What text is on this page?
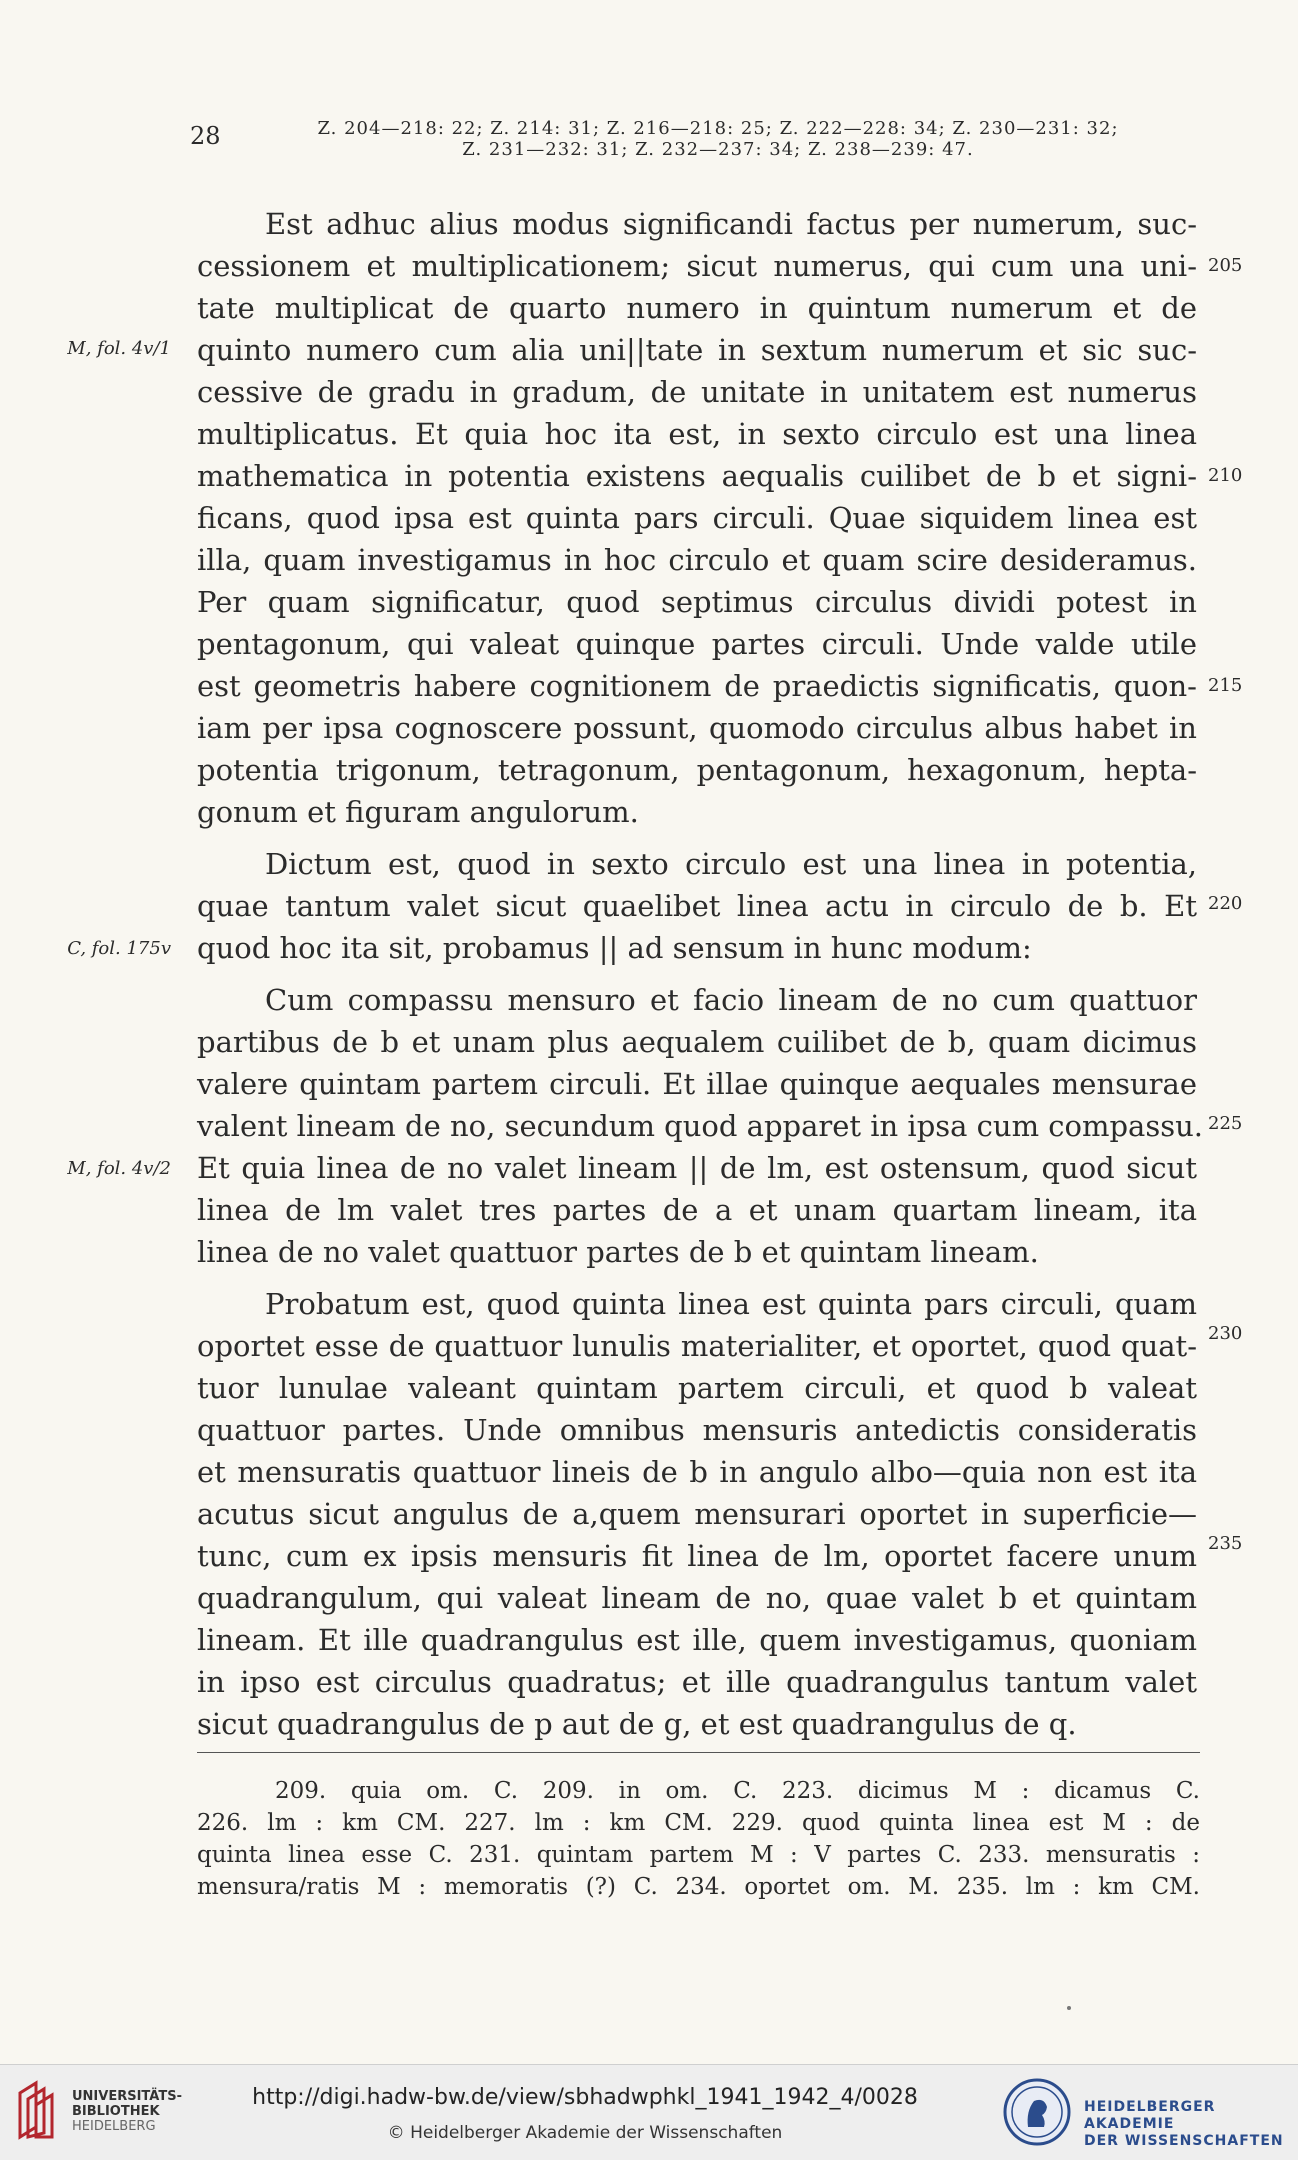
28	Z. 204—218: 22; Z. 214: 31; Z. 216—218: 25; Z. 222—228: 34; Z. 230—231: 32;
Z. 231—232: 31; Z. 232—237: 34; Z. 238—239: 47.
Est adhuc alius modus significandi factus per numerum, suc-
cessionem et multiplicationem; sicut numerus, qui cum una uni-
tate multiplicat de quarto numero in quintum numerum et de
quinto numero cum alia uni||tate in sextum numerum et sic suc-
cessive de gradu in gradum, de unitate in unitatem est numerus
multiplicatus. Et quia hoc ita est, in sexto circulo est una linea
mathematica in potentia existens aequalis cuilibet de b et signi-
ficans, quod ipsa est quinta pars circuli. Quae siquidem linea est
illa, quam investigamus in hoc circulo et quam scire desideramus.
Per quam significatur, quod septimus circulus dividi potest in
pentagonum, qui valeat quinque partes circuli. Unde valde utile
est geometris habere cognitionem de praedictis significatis, quon-
iam per ipsa cognoscere possunt, quomodo circulus albus habet in
potentia trigonum, tetragonum, pentagonum, hexagonum, hepta-
gonum et figuram angulorum.
Dictum est, quod in sexto circulo est una linea in potentia,
quae tantum valet sicut quaelibet linea actu in circulo de b. Et
quod hoc ita sit, probamus || ad sensum in hunc modum:
Cum compassu mensuro et facio lineam de no cum quattuor
partibus de b et unam plus aequalem cuilibet de b, quam dicimus
valere quintam partem circuli. Et illae quinque aequales mensurae
valent lineam de no, secundum quod apparet in ipsa cum compassu.
Et quia linea de no valet lineam || de lm, est ostensum, quod sicut
linea de lm valet tres partes de a et unam quartam lineam, ita
linea de no valet quattuor partes de b et quintam lineam.
Probatum est, quod quinta linea est quinta pars circuli, quam
oportet esse de quattuor lunulis materialiter, et oportet, quod quat-
tuor lunulae valeant quintam partem circuli, et quod b valeat
quattuor partes. Unde omnibus mensuris antedictis consideratis
et mensuratis quattuor lineis de b in angulo albo—quia non est ita
acutus sicut angulus de a,quem mensurari oportet in superficie—
tunc, cum ex ipsis mensuris fit linea de lm, oportet facere unum
quadrangulum, qui valeat lineam de no, quae valet b et quintam
lineam. Et ille quadrangulus est ille, quem investigamus, quoniam
in ipso est circulus quadratus; et ille quadrangulus tantum valet
sicut quadrangulus de p aut de g, et est quadrangulus de q.
205
210
215
220
225
230
235
M, fol. 4v/1
C, fol. 175v
M, fol. 4v/2
209. quia om. C. 209. in om. C. 223. dicimus M : dicamus C.
226. lm : km CM. 227. lm : km CM. 229. quod quinta linea est M : de
quinta linea esse C. 231. quintam partem M : V partes C. 233. mensuratis :
mensura/ratis M : memoratis (?) C. 234. oportet om. M. 235. lm : km CM.
UNIVERSITÄTS-
BIBLIOTHEK
HEIDELBERG
http://digi.hadw-bw.de/view/sbhadwphkl_1941_1942_4/0028
© Heidelberger Akademie der Wissenschaften
HEIDELBERGER AKADEMIE
DER WISSENSCHAFTEN
